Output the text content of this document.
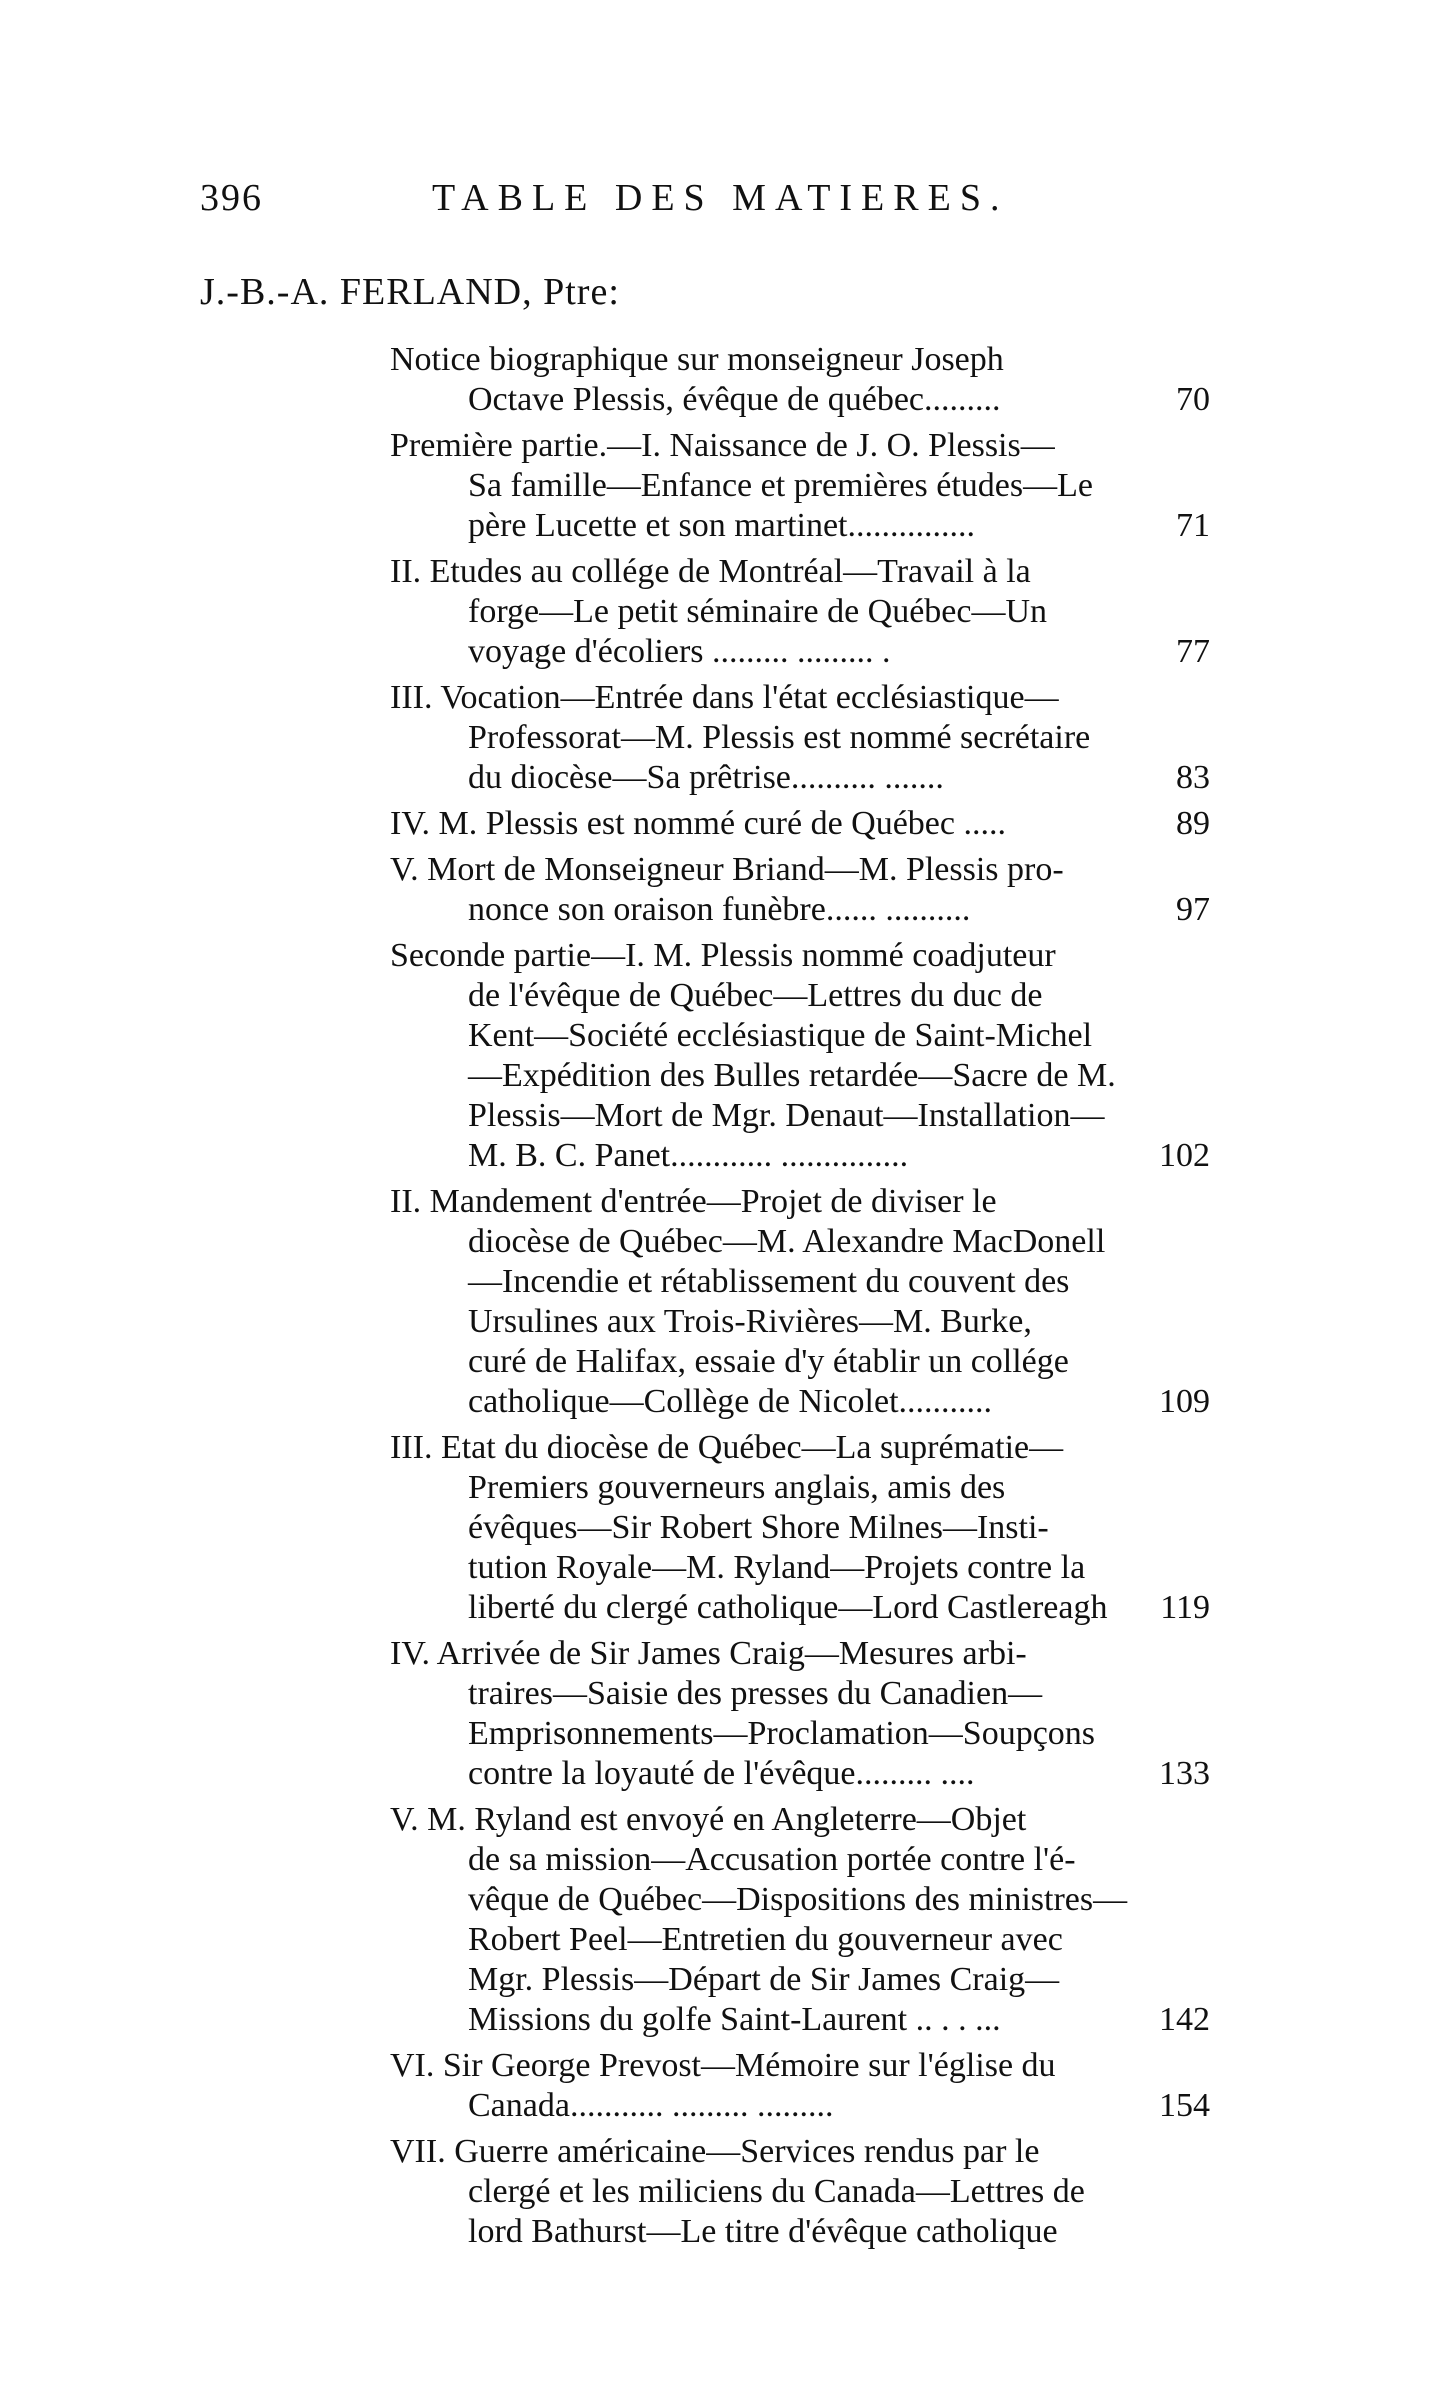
396	TABLE DES MATIERES.
J.-B.-A. FERLAND, Ptre:
Notice biographique sur monseigneur Joseph
Octave Plessis, évêque de québec.........	70
Première partie.—I. Naissance de J. O. Plessis—
Sa famille—Enfance et premières études—Le
père Lucette et son martinet...............	71
II. Etudes au collége de Montréal—Travail à la
forge—Le petit séminaire de Québec—Un
voyage d'écoliers ......... ......... .	77
III. Vocation—Entrée dans l'état ecclésiastique—
Professorat—M. Plessis est nommé secrétaire
du diocèse—Sa prêtrise.......... .......	83
IV. M. Plessis est nommé curé de Québec .....	89
V. Mort de Monseigneur Briand—M. Plessis pro-
nonce son oraison funèbre...... ..........	97
Seconde partie—I. M. Plessis nommé coadjuteur
de l'évêque de Québec—Lettres du duc de
Kent—Société ecclésiastique de Saint-Michel
—Expédition des Bulles retardée—Sacre de M.
Plessis—Mort de Mgr. Denaut—Installation—
M. B. C. Panet............ ...............	102
II. Mandement d'entrée—Projet de diviser le
diocèse de Québec—M. Alexandre MacDonell
—Incendie et rétablissement du couvent des
Ursulines aux Trois-Rivières—M. Burke,
curé de Halifax, essaie d'y établir un collége
catholique—Collège de Nicolet...........	109
III. Etat du diocèse de Québec—La suprématie—
Premiers gouverneurs anglais, amis des
évêques—Sir Robert Shore Milnes—Insti-
tution Royale—M. Ryland—Projets contre la
liberté du clergé catholique—Lord Castlereagh	119
IV. Arrivée de Sir James Craig—Mesures arbi-
traires—Saisie des presses du Canadien—
Emprisonnements—Proclamation—Soupçons
contre la loyauté de l'évêque......... ....	133
V. M. Ryland est envoyé en Angleterre—Objet
de sa mission—Accusation portée contre l'é-
vêque de Québec—Dispositions des ministres—
Robert Peel—Entretien du gouverneur avec
Mgr. Plessis—Départ de Sir James Craig—
Missions du golfe Saint-Laurent .. . . ...	142
VI. Sir George Prevost—Mémoire sur l'église du
Canada........... ......... .........	154
VII. Guerre américaine—Services rendus par le
clergé et les miliciens du Canada—Lettres de
lord Bathurst—Le titre d'évêque catholique
